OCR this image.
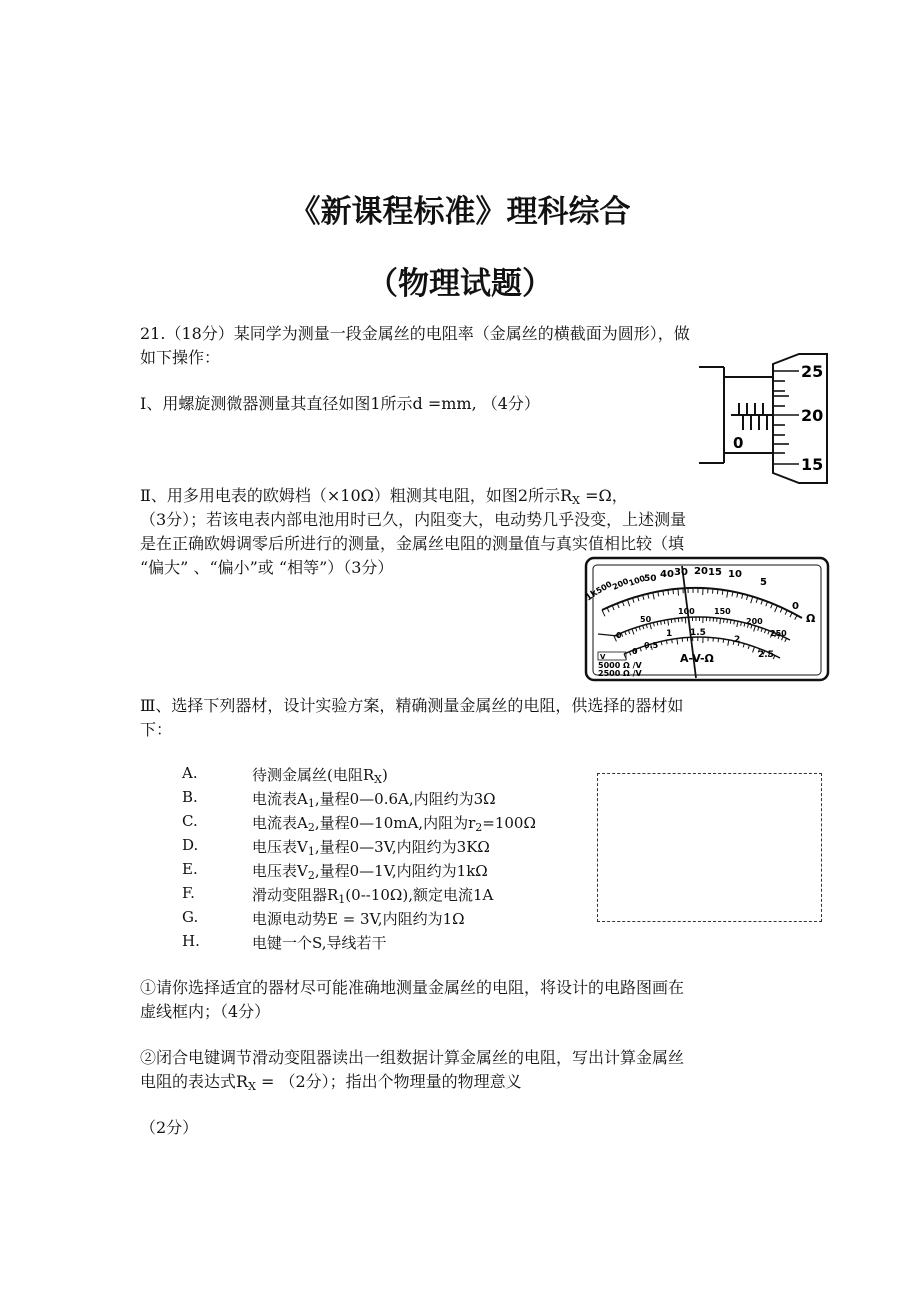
《新课程标准》理科综合
（物理试题）
21.（18分）某同学为测量一段金属丝的电阻率（金属丝的横截面为圆形），做
如下操作：
Ⅰ、用螺旋测微器测量其直径如图1所示d =mm, （4分）
25
20
15
0
Ⅱ、用多用电表的欧姆档（×10Ω）粗测其电阻，如图2所示$R_X =\Omega$，
（3分）；若该电表内部电池用时已久，内阻变大，电动势几乎没变，上述测量
是在正确欧姆调零后所进行的测量，金属丝电阻的测量值与真实值相比较（填
“偏大” 、“偏小”或 “相等”）（3分）
1k
500
200
100
50 40 30 20 15 10
5
0
Ω
0
50
100 150
200
250
0
0.5
1 1.5
2
2.5
A-V-Ω
V
5000 Ω /V
2500 Ω /V
Ⅲ、选择下列器材，设计实验方案，精确测量金属丝的电阻，供选择的器材如
下：
A.	待测金属丝(电阻$R_X$)
B.	电流表$A_1$,量程0—0.6A,内阻约为3Ω
C.	电流表$A_2$,量程0—10mA,内阻为$r_2=100\Omega$
D.	电压表$V_1$,量程0—3V,内阻约为3KΩ
E.	电压表$V_2$,量程0—1V,内阻约为1kΩ
F.	滑动变阻器$R_1(0--10\Omega)$,额定电流1A
G.	电源电动势E = 3V,内阻约为1Ω
H.	电键一个S,导线若干
①请你选择适宜的器材尽可能准确地测量金属丝的电阻，将设计的电路图画在
虚线框内；（4分）
②闭合电键调节滑动变阻器读出一组数据计算金属丝的电阻，写出计算金属丝
电阻的表达式$R_X = (2$分）；指出个物理量的物理意义
（2分）
